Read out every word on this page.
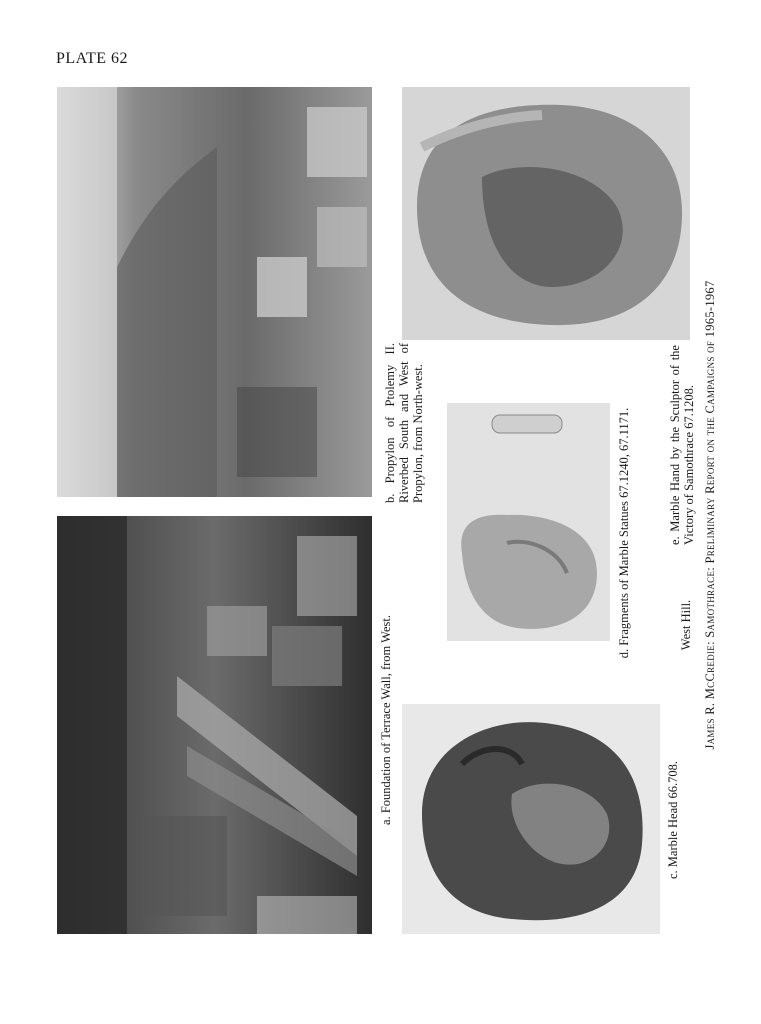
PLATE 62
a. Foundation of Terrace Wall, from West.
b. Propylon of Ptolemy II. Riverbed South and West of Propylon, from North-west.
c. Marble Head 66.708.
d. Fragments of Marble Statues 67.1240, 67.1171.	e. Marble Hand by the Sculptor of the Victory of Samothrace 67.1208.
West Hill. James R. McCredie: Samothrace: Preliminary Report on the Campaigns of 1965-1967
